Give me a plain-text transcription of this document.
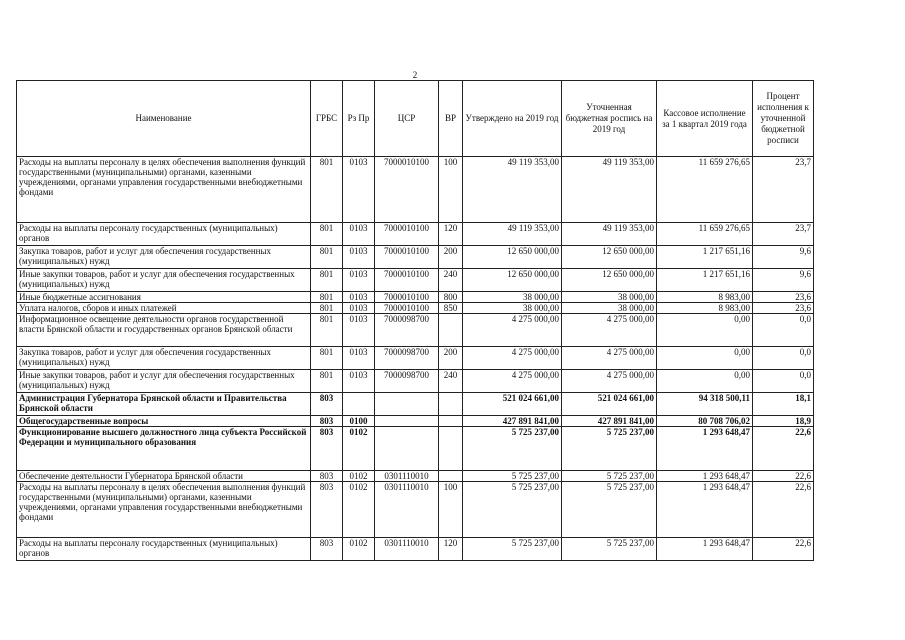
2
Наименование	ГРБС	Рз Пр	ЦСР	ВР	Утверждено на 2019 год	Уточненная бюджетная роспись на 2019 год	Кассовое исполнение за 1 квартал 2019 года	Процент исполнения к уточненной бюджетной росписи
Расходы на выплаты персоналу в целях обеспечения выполнения функций государственными (муниципальными) органами, казенными учреждениями, органами управления государственными внебюджетными фондами	801	0103	7000010100	100	49 119 353,00	49 119 353,00	11 659 276,65	23,7
Расходы на выплаты персоналу государственных (муниципальных) органов	801	0103	7000010100	120	49 119 353,00	49 119 353,00	11 659 276,65	23,7
Закупка товаров, работ и услуг для обеспечения государственных (муниципальных) нужд	801	0103	7000010100	200	12 650 000,00	12 650 000,00	1 217 651,16	9,6
Иные закупки товаров, работ и услуг для обеспечения государственных (муниципальных) нужд	801	0103	7000010100	240	12 650 000,00	12 650 000,00	1 217 651,16	9,6
Иные бюджетные ассигнования	801	0103	7000010100	800	38 000,00	38 000,00	8 983,00	23,6
Уплата налогов, сборов и иных платежей	801	0103	7000010100	850	38 000,00	38 000,00	8 983,00	23,6
Информационное освещение деятельности органов государственной власти Брянской области и государственных органов Брянской области	801	0103	7000098700		4 275 000,00	4 275 000,00	0,00	0,0
Закупка товаров, работ и услуг для обеспечения государственных (муниципальных) нужд	801	0103	7000098700	200	4 275 000,00	4 275 000,00	0,00	0,0
Иные закупки товаров, работ и услуг для обеспечения государственных (муниципальных) нужд	801	0103	7000098700	240	4 275 000,00	4 275 000,00	0,00	0,0
Администрация Губернатора Брянской области и Правительства Брянской области	803				521 024 661,00	521 024 661,00	94 318 500,11	18,1
Общегосударственные вопросы	803	0100			427 891 841,00	427 891 841,00	80 708 706,02	18,9
Функционирование высшего должностного лица субъекта Российской Федерации и муниципального образования	803	0102			5 725 237,00	5 725 237,00	1 293 648,47	22,6
Обеспечение деятельности Губернатора Брянской области	803	0102	0301110010		5 725 237,00	5 725 237,00	1 293 648,47	22,6
Расходы на выплаты персоналу в целях обеспечения выполнения функций государственными (муниципальными) органами, казенными учреждениями, органами управления государственными внебюджетными фондами	803	0102	0301110010	100	5 725 237,00	5 725 237,00	1 293 648,47	22,6
Расходы на выплаты персоналу государственных (муниципальных) органов	803	0102	0301110010	120	5 725 237,00	5 725 237,00	1 293 648,47	22,6
